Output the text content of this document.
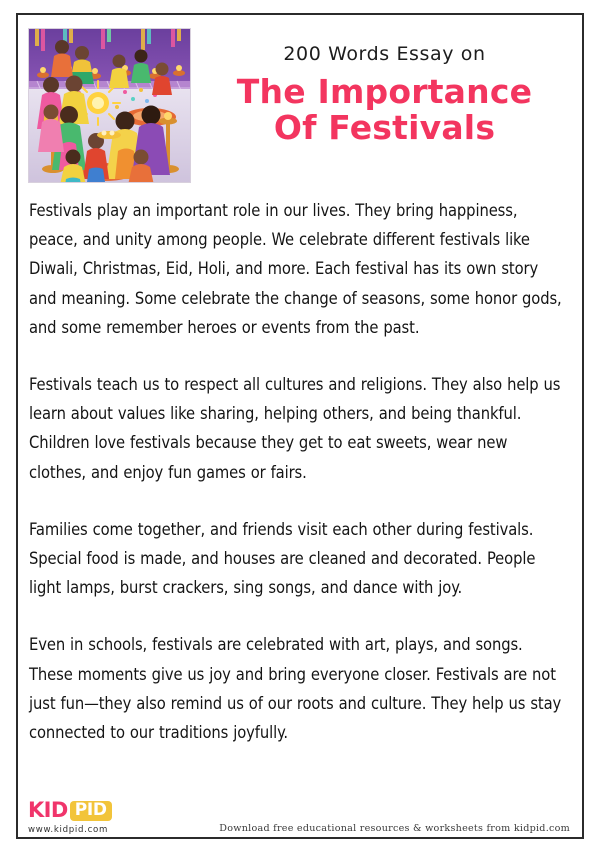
200 Words Essay on
The Importance Of Festivals

Festivals play an important role in our lives. They bring happiness, peace, and unity among people. We celebrate different festivals like Diwali, Christmas, Eid, Holi, and more. Each festival has its own story and meaning. Some celebrate the change of seasons, some honor gods, and some remember heroes or events from the past.

Festivals teach us to respect all cultures and religions. They also help us learn about values like sharing, helping others, and being thankful. Children love festivals because they get to eat sweets, wear new clothes, and enjoy fun games or fairs.

Families come together, and friends visit each other during festivals. Special food is made, and houses are cleaned and decorated. People light lamps, burst crackers, sing songs, and dance with joy.

Even in schools, festivals are celebrated with art, plays, and songs. These moments give us joy and bring everyone closer. Festivals are not just fun—they also remind us of our roots and culture. They help us stay connected to our traditions joyfully.

KID PID
www.kidpid.com	Download free educational resources & worksheets from kidpid.com
